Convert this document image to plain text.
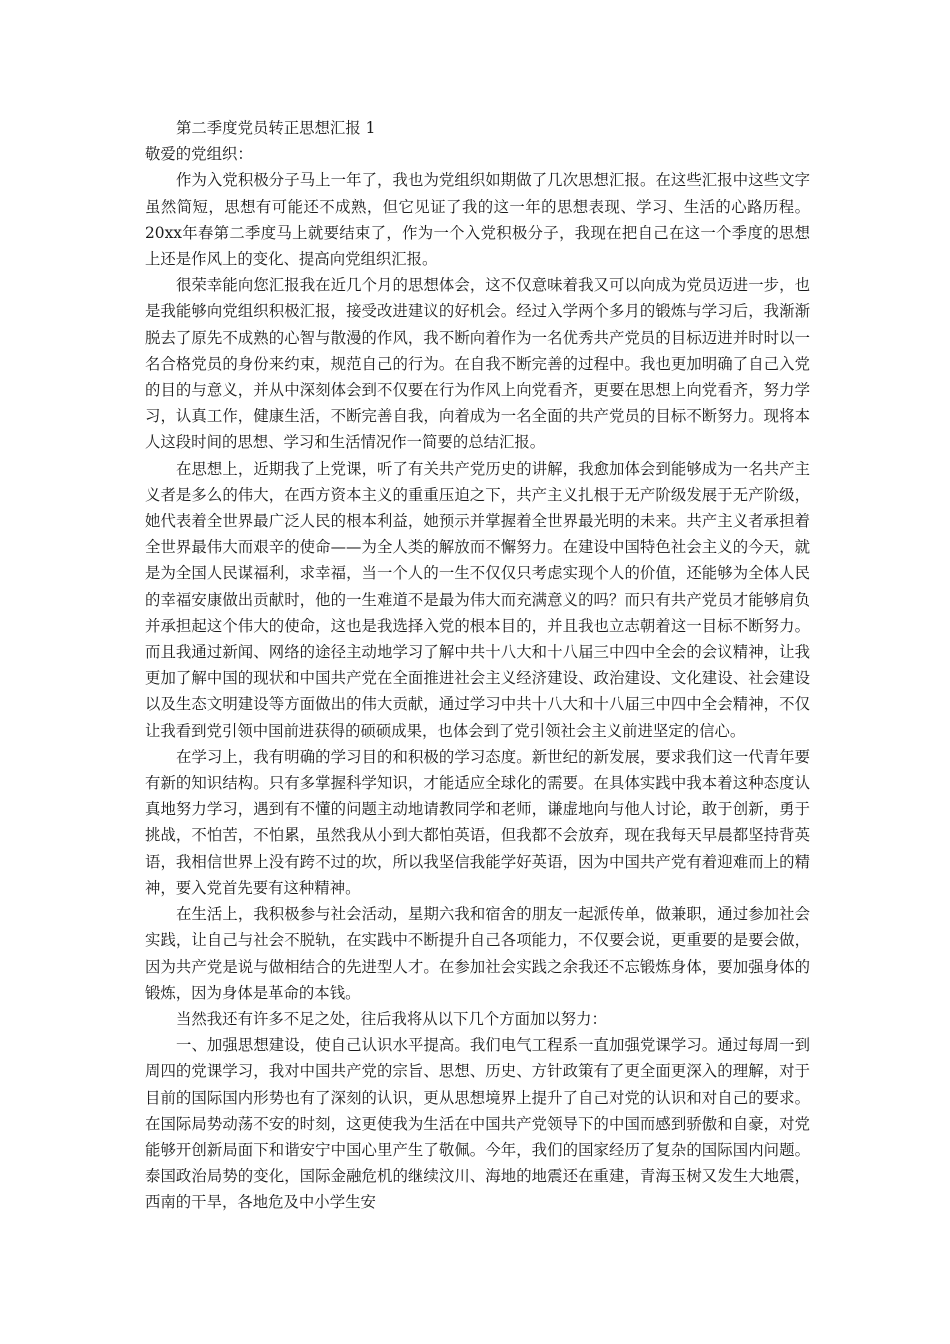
第二季度党员转正思想汇报 1

敬爱的党组织：

作为入党积极分子马上一年了，我也为党组织如期做了几次思想汇报。在这些汇报中这些文字虽然简短，思想有可能还不成熟，但它见证了我的这一年的思想表现、学习、生活的心路历程。20xx年春第二季度马上就要结束了，作为一个入党积极分子，我现在把自己在这一个季度的思想上还是作风上的变化、提高向党组织汇报。

很荣幸能向您汇报我在近几个月的思想体会，这不仅意味着我又可以向成为党员迈进一步，也是我能够向党组织积极汇报，接受改进建议的好机会。经过入学两个多月的锻炼与学习后，我渐渐脱去了原先不成熟的心智与散漫的作风，我不断向着作为一名优秀共产党员的目标迈进并时时以一名合格党员的身份来约束，规范自己的行为。在自我不断完善的过程中。我也更加明确了自己入党的目的与意义，并从中深刻体会到不仅要在行为作风上向党看齐，更要在思想上向党看齐，努力学习，认真工作，健康生活，不断完善自我，向着成为一名全面的共产党员的目标不断努力。现将本人这段时间的思想、学习和生活情况作一简要的总结汇报。

在思想上，近期我了上党课，听了有关共产党历史的讲解，我愈加体会到能够成为一名共产主义者是多么的伟大，在西方资本主义的重重压迫之下，共产主义扎根于无产阶级发展于无产阶级，她代表着全世界最广泛人民的根本利益，她预示并掌握着全世界最光明的未来。共产主义者承担着全世界最伟大而艰辛的使命——为全人类的解放而不懈努力。在建设中国特色社会主义的今天，就是为全国人民谋福利，求幸福，当一个人的一生不仅仅只考虑实现个人的价值，还能够为全体人民的幸福安康做出贡献时，他的一生难道不是最为伟大而充满意义的吗？而只有共产党员才能够肩负并承担起这个伟大的使命，这也是我选择入党的根本目的，并且我也立志朝着这一目标不断努力。而且我通过新闻、网络的途径主动地学习了解中共十八大和十八届三中四中全会的会议精神，让我更加了解中国的现状和中国共产党在全面推进社会主义经济建设、政治建设、文化建设、社会建设以及生态文明建设等方面做出的伟大贡献，通过学习中共十八大和十八届三中四中全会精神，不仅让我看到党引领中国前进获得的硕硕成果，也体会到了党引领社会主义前进坚定的信心。

在学习上，我有明确的学习目的和积极的学习态度。新世纪的新发展，要求我们这一代青年要有新的知识结构。只有多掌握科学知识，才能适应全球化的需要。在具体实践中我本着这种态度认真地努力学习，遇到有不懂的问题主动地请教同学和老师，谦虚地向与他人讨论，敢于创新，勇于挑战，不怕苦，不怕累，虽然我从小到大都怕英语，但我都不会放弃，现在我每天早晨都坚持背英语，我相信世界上没有跨不过的坎，所以我坚信我能学好英语，因为中国共产党有着迎难而上的精神，要入党首先要有这种精神。

在生活上，我积极参与社会活动，星期六我和宿舍的朋友一起派传单，做兼职，通过参加社会实践，让自己与社会不脱轨，在实践中不断提升自己各项能力，不仅要会说，更重要的是要会做，因为共产党是说与做相结合的先进型人才。在参加社会实践之余我还不忘锻炼身体，要加强身体的锻炼，因为身体是革命的本钱。

当然我还有许多不足之处，往后我将从以下几个方面加以努力：

一、加强思想建设，使自己认识水平提高。我们电气工程系一直加强党课学习。通过每周一到周四的党课学习，我对中国共产党的宗旨、思想、历史、方针政策有了更全面更深入的理解，对于目前的国际国内形势也有了深刻的认识，更从思想境界上提升了自己对党的认识和对自己的要求。在国际局势动荡不安的时刻，这更使我为生活在中国共产党领导下的中国而感到骄傲和自豪，对党能够开创新局面下和谐安宁中国心里产生了敬佩。今年，我们的国家经历了复杂的国际国内问题。泰国政治局势的变化，国际金融危机的继续汶川、海地的地震还在重建，青海玉树又发生大地震，西南的干旱，各地危及中小学生安
